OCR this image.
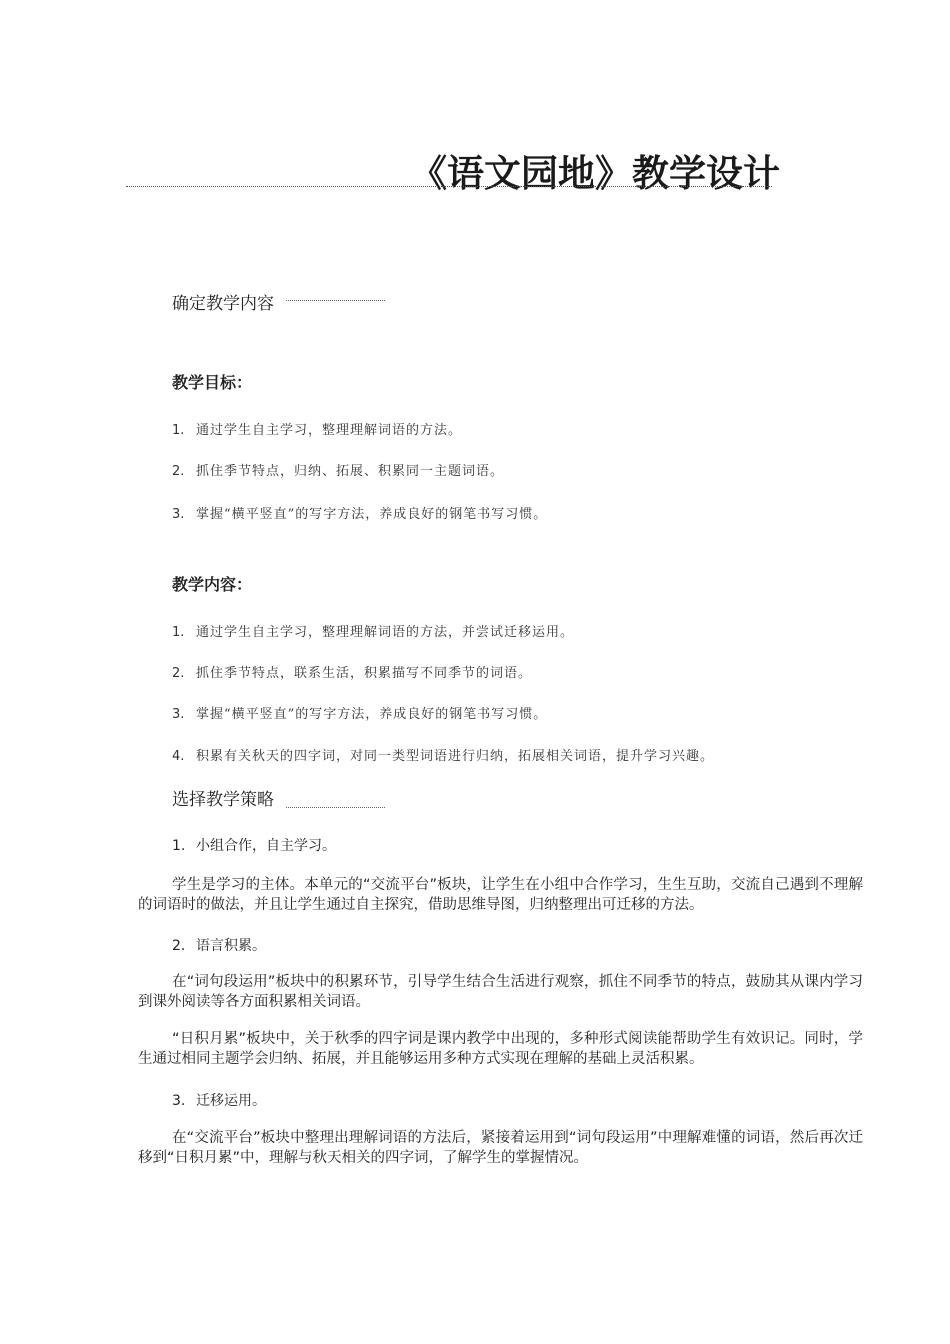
《语文园地》教学设计
确定教学内容
教学目标：
1. 通过学生自主学习，整理理解词语的方法。
2. 抓住季节特点，归纳、拓展、积累同一主题词语。
3. 掌握“横平竖直”的写字方法，养成良好的钢笔书写习惯。
教学内容：
1. 通过学生自主学习，整理理解词语的方法，并尝试迁移运用。
2. 抓住季节特点，联系生活，积累描写不同季节的词语。
3. 掌握“横平竖直”的写字方法，养成良好的钢笔书写习惯。
4. 积累有关秋天的四字词，对同一类型词语进行归纳，拓展相关词语，提升学习兴趣。
选择教学策略
1. 小组合作，自主学习。
学生是学习的主体。本单元的“交流平台”板块，让学生在小组中合作学习，生生互助，交流自己遇到不理解的词语时的做法，并且让学生通过自主探究，借助思维导图，归纳整理出可迁移的方法。
2. 语言积累。
在“词句段运用”板块中的积累环节，引导学生结合生活进行观察，抓住不同季节的特点，鼓励其从课内学习到课外阅读等各方面积累相关词语。
“日积月累”板块中，关于秋季的四字词是课内教学中出现的，多种形式阅读能帮助学生有效识记。同时，学生通过相同主题学会归纳、拓展，并且能够运用多种方式实现在理解的基础上灵活积累。
3. 迁移运用。
在“交流平台”板块中整理出理解词语的方法后，紧接着运用到“词句段运用”中理解难懂的词语，然后再次迁移到“日积月累”中，理解与秋天相关的四字词，了解学生的掌握情况。
